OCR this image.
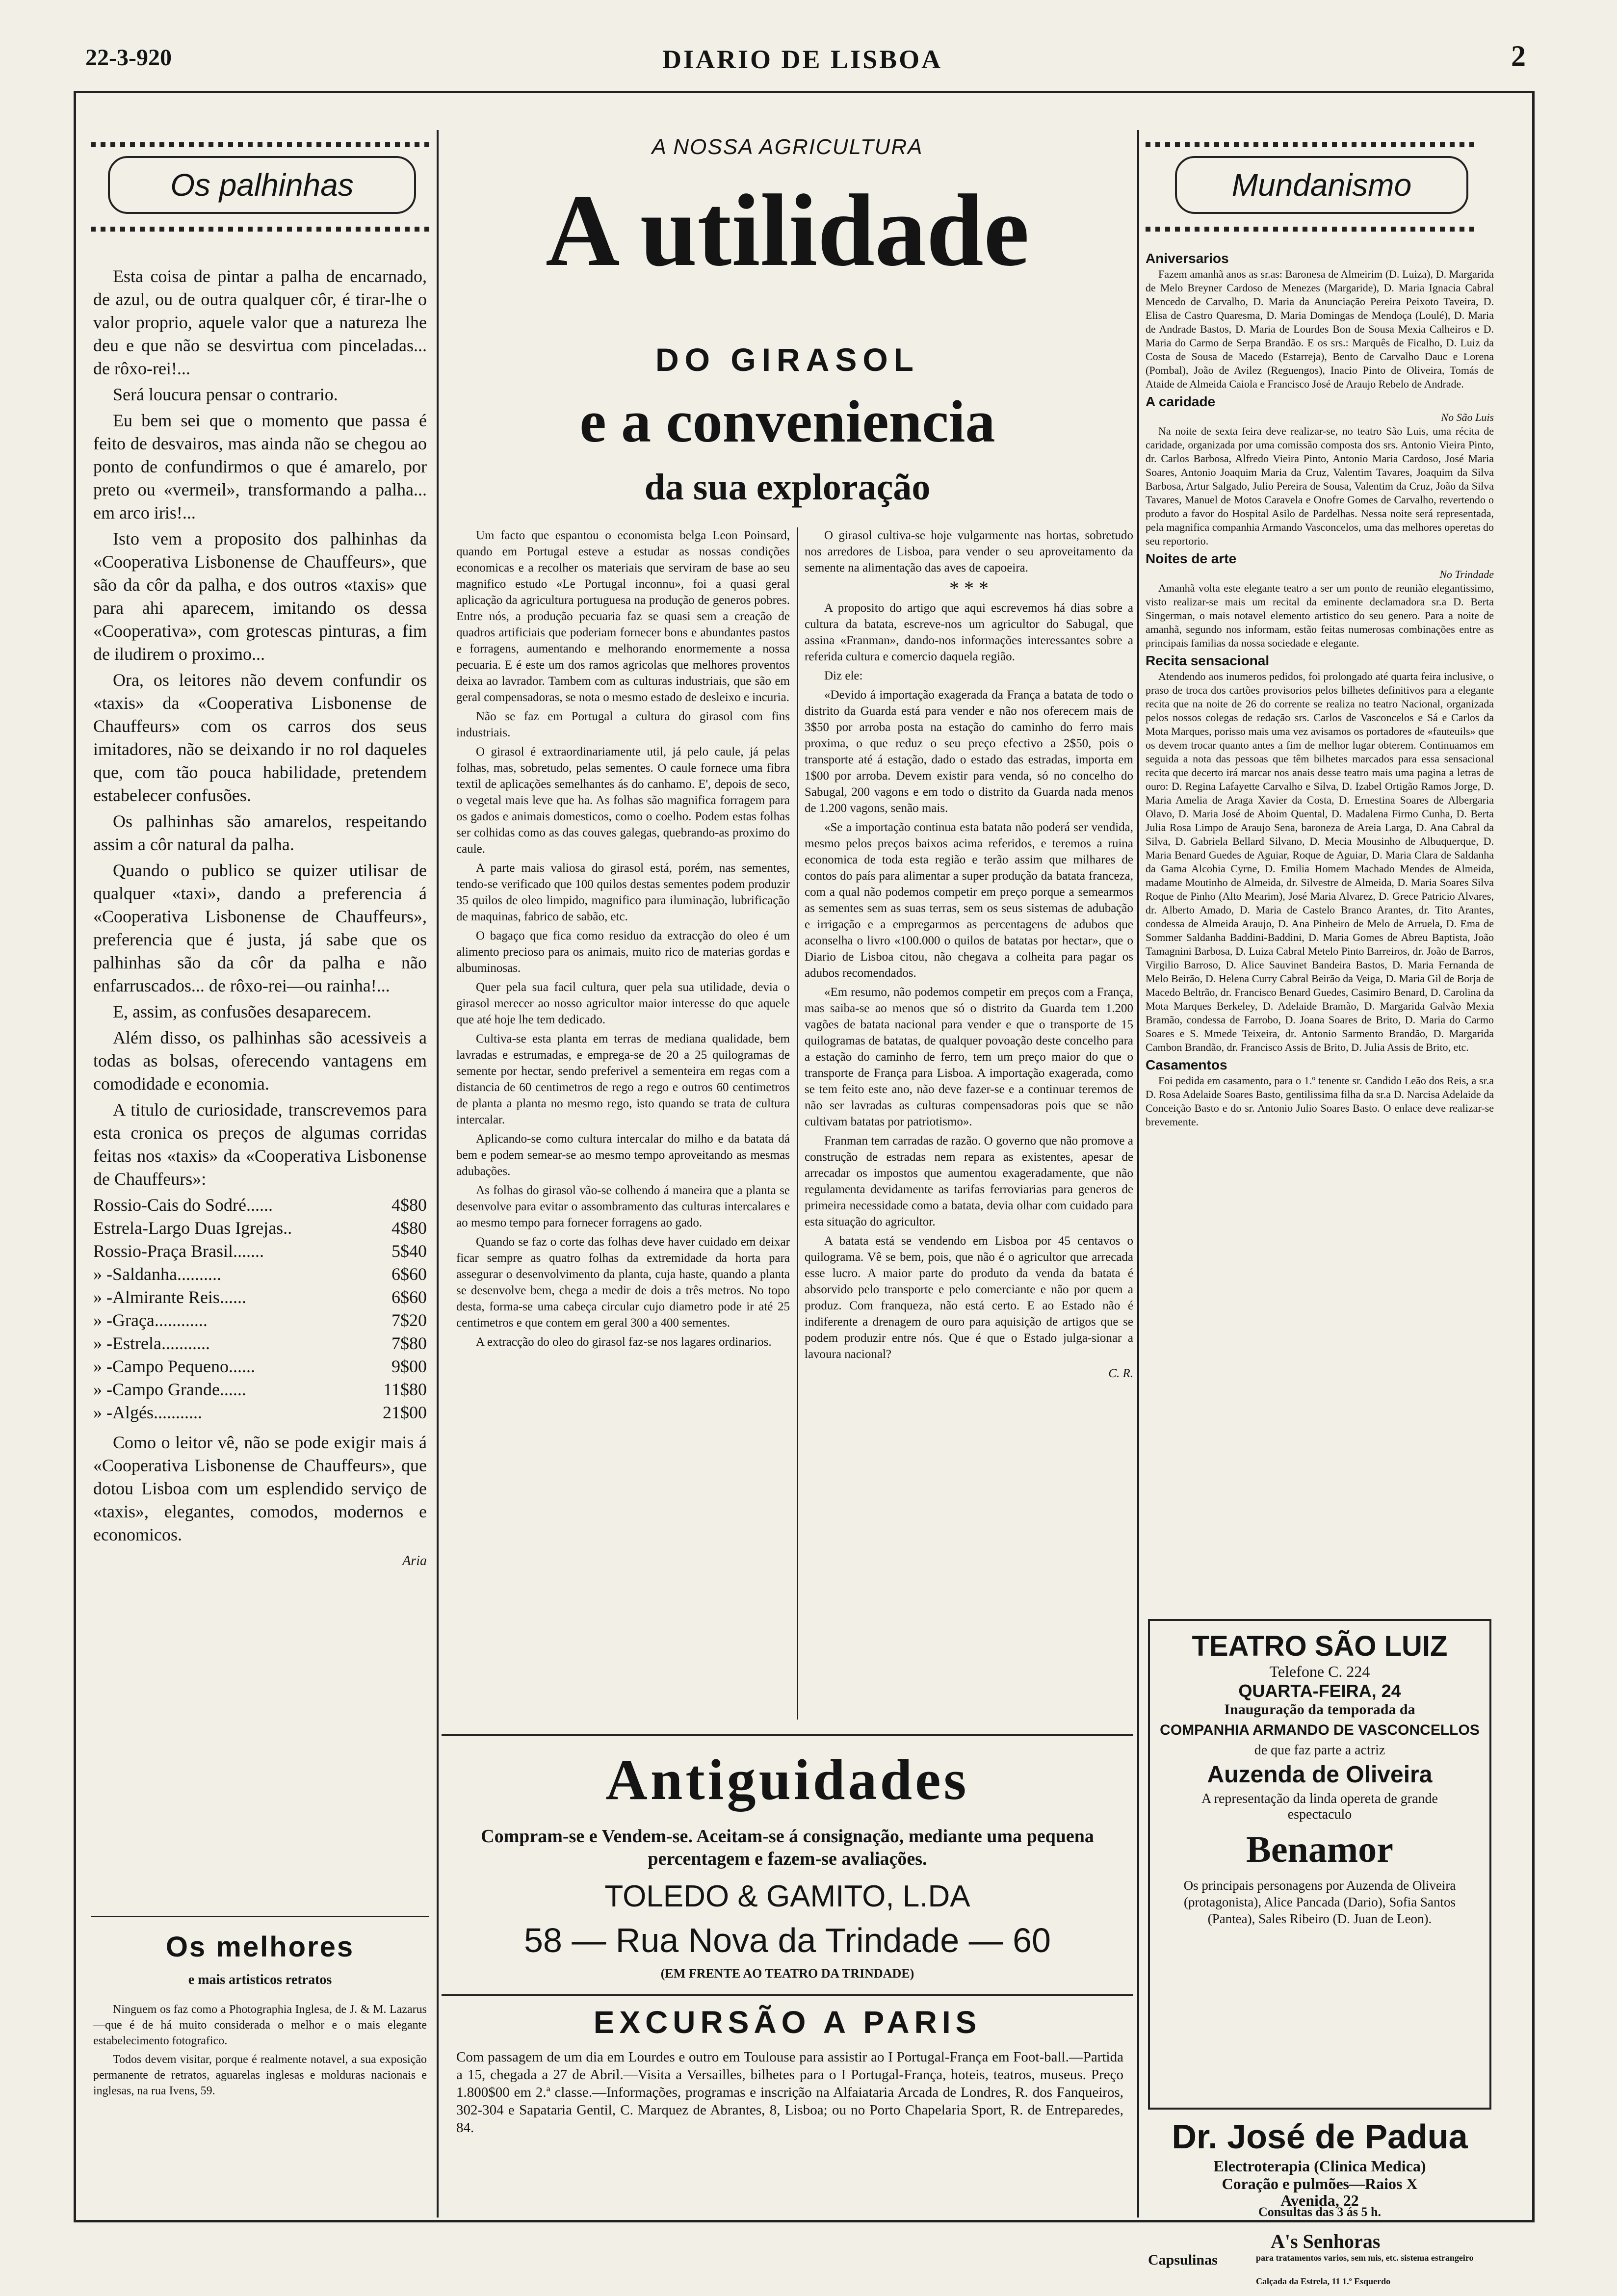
22-3-920	DIARIO DE LISBOA	2
Os palhinhas

Esta coisa de pintar a palha de encarnado, de azul, ou de outra qualquer côr, é tirar-lhe o valor proprio, aquele valor que a natureza lhe deu e que não se desvirtua com pinceladas... de rôxo-rei!...

Será loucura pensar o contrario.

Eu bem sei que o momento que passa é feito de desvairos, mas ainda não se chegou ao ponto de confundirmos o que é amarelo, por preto ou «vermeil», transformando a palha... em arco iris!...

Isto vem a proposito dos palhinhas da «Cooperativa Lisbonense de Chauffeurs», que são da côr da palha, e dos outros «taxis» que para ahi aparecem, imitando os dessa «Cooperativa», com grotescas pinturas, a fim de iludirem o proximo...

Ora, os leitores não devem confundir os «taxis» da «Cooperativa Lisbonense de Chauffeurs» com os carros dos seus imitadores, não se deixando ir no rol daqueles que, com tão pouca habilidade, pretendem estabelecer confusões.

Os palhinhas são amarelos, respeitando assim a côr natural da palha.

Quando o publico se quizer utilisar de qualquer «taxi», dando a preferencia á «Cooperativa Lisbonense de Chauffeurs», preferencia que é justa, já sabe que os palhinhas são da côr da palha e não enfarruscados... de rôxo-rei—ou rainha!...

E, assim, as confusões desaparecem.

Além disso, os palhinhas são acessiveis a todas as bolsas, oferecendo vantagens em comodidade e economia.

A titulo de curiosidade, transcrevemos para esta cronica os preços de algumas corridas feitas nos «taxis» da «Cooperativa Lisbonense de Chauffeurs»:

Rossio-Cais do Sodré......	4$80
Estrela-Largo Duas Igrejas..	4$80
Rossio-Praça Brasil.......	5$40
» -Saldanha..........	6$60
» -Almirante Reis......	6$60
» -Graça............	7$20
» -Estrela...........	7$80
» -Campo Pequeno......	9$00
» -Campo Grande......	11$80
» -Algés...........	21$00

Como o leitor vê, não se pode exigir mais á «Cooperativa Lisbonense de Chauffeurs», que dotou Lisboa com um esplendido serviço de «taxis», elegantes, comodos, modernos e economicos.

Aria
Os melhores
e mais artisticos retratos

Ninguem os faz como a Photographia Inglesa, de J. & M. Lazarus—que é de há muito considerada o melhor e o mais elegante estabelecimento fotografico.

Todos devem visitar, porque é realmente notavel, a sua exposição permanente de retratos, aguarelas inglesas e molduras nacionais e inglesas, na rua Ivens, 59.

A NOSSA AGRICULTURA
A utilidade
DO GIRASOL
e a conveniencia
da sua exploração

Um facto que espantou o economista belga Leon Poinsard, quando em Portugal esteve a estudar as nossas condições economicas e a recolher os materiais que serviram de base ao seu magnifico estudo «Le Portugal inconnu», foi a quasi geral aplicação da agricultura portuguesa na produção de generos pobres. Entre nós, a produção pecuaria faz se quasi sem a creação de quadros artificiais que poderiam fornecer bons e abundantes pastos e forragens, aumentando e melhorando enormemente a nossa pecuaria. E é este um dos ramos agricolas que melhores proventos deixa ao lavrador. Tambem com as culturas industriais, que são em geral compensadoras, se nota o mesmo estado de desleixo e incuria.

Não se faz em Portugal a cultura do girasol com fins industriais.

O girasol é extraordinariamente util, já pelo caule, já pelas folhas, mas, sobretudo, pelas sementes. O caule fornece uma fibra textil de aplicações semelhantes ás do canhamo. E', depois de seco, o vegetal mais leve que ha. As folhas são magnifica forragem para os gados e animais domesticos, como o coelho. Podem estas folhas ser colhidas como as das couves galegas, quebrando-as proximo do caule.

A parte mais valiosa do girasol está, porém, nas sementes, tendo-se verificado que 100 quilos destas sementes podem produzir 35 quilos de oleo limpido, magnifico para iluminação, lubrificação de maquinas, fabrico de sabão, etc.

O bagaço que fica como residuo da extracção do oleo é um alimento precioso para os animais, muito rico de materias gordas e albuminosas.

Quer pela sua facil cultura, quer pela sua utilidade, devia o girasol merecer ao nosso agricultor maior interesse do que aquele que até hoje lhe tem dedicado.

Cultiva-se esta planta em terras de mediana qualidade, bem lavradas e estrumadas, e emprega-se de 20 a 25 quilogramas de semente por hectar, sendo preferivel a sementeira em regas com a distancia de 60 centimetros de rego a rego e outros 60 centimetros de planta a planta no mesmo rego, isto quando se trata de cultura intercalar.

Aplicando-se como cultura intercalar do milho e da batata dá bem e podem semear-se ao mesmo tempo aproveitando as mesmas adubações.

As folhas do girasol vão-se colhendo á maneira que a planta se desenvolve para evitar o assombramento das culturas intercalares e ao mesmo tempo para fornecer forragens ao gado.

Quando se faz o corte das folhas deve haver cuidado em deixar ficar sempre as quatro folhas da extremidade da horta para assegurar o desenvolvimento da planta, cuja haste, quando a planta se desenvolve bem, chega a medir de dois a três metros. No topo desta, forma-se uma cabeça circular cujo diametro pode ir até 25 centimetros e que contem em geral 300 a 400 sementes.

A extracção do oleo do girasol faz-se nos lagares ordinarios.

O girasol cultiva-se hoje vulgarmente nas hortas, sobretudo nos arredores de Lisboa, para vender o seu aproveitamento da semente na alimentação das aves de capoeira.

* * *

A proposito do artigo que aqui escrevemos há dias sobre a cultura da batata, escreve-nos um agricultor do Sabugal, que assina «Franman», dando-nos informações interessantes sobre a referida cultura e comercio daquela região.

Diz ele:

«Devido á importação exagerada da França a batata de todo o distrito da Guarda está para vender e não nos oferecem mais de 3$50 por arroba posta na estação do caminho do ferro mais proxima, o que reduz o seu preço efectivo a 2$50, pois o transporte até á estação, dado o estado das estradas, importa em 1$00 por arroba. Devem existir para venda, só no concelho do Sabugal, 200 vagons e em todo o distrito da Guarda nada menos de 1.200 vagons, senão mais.

«Se a importação continua esta batata não poderá ser vendida, mesmo pelos preços baixos acima referidos, e teremos a ruina economica de toda esta região e terão assim que milhares de contos do país para alimentar a super produção da batata franceza, com a qual não podemos competir em preço porque a semearmos as sementes sem as suas terras, sem os seus sistemas de adubação e irrigação e a empregarmos as percentagens de adubos que aconselha o livro «100.000 o quilos de batatas por hectar», que o Diario de Lisboa citou, não chegava a colheita para pagar os adubos recomendados.

«Em resumo, não podemos competir em preços com a França, mas saiba-se ao menos que só o distrito da Guarda tem 1.200 vagões de batata nacional para vender e que o transporte de 15 quilogramas de batatas, de qualquer povoação deste concelho para a estação do caminho de ferro, tem um preço maior do que o transporte de França para Lisboa. A importação exagerada, como se tem feito este ano, não deve fazer-se e a continuar teremos de não ser lavradas as culturas compensadoras pois que se não cultivam batatas por patriotismo».

Franman tem carradas de razão. O governo que não promove a construção de estradas nem repara as existentes, apesar de arrecadar os impostos que aumentou exageradamente, que não regulamenta devidamente as tarifas ferroviarias para generos de primeira necessidade como a batata, devia olhar com cuidado para esta situação do agricultor.

A batata está se vendendo em Lisboa por 45 centavos o quilograma. Vê se bem, pois, que não é o agricultor que arrecada esse lucro. A maior parte do produto da venda da batata é absorvido pelo transporte e pelo comerciante e não por quem a produz. Com franqueza, não está certo. E ao Estado não é indiferente a drenagem de ouro para aquisição de artigos que se podem produzir entre nós. Que é que o Estado julga-sionar a lavoura nacional?

C. R.
Antiguidades
Compram-se e Vendem-se. Aceitam-se á consignação, mediante uma pequena percentagem e fazem-se avaliações.
TOLEDO & GAMITO, L.DA
58 — Rua Nova da Trindade — 60
(EM FRENTE AO TEATRO DA TRINDADE)
EXCURSÃO A PARIS
Com passagem de um dia em Lourdes e outro em Toulouse para assistir ao I Portugal-França em Foot-ball.—Partida a 15, chegada a 27 de Abril.—Visita a Versailles, bilhetes para o I Portugal-França, hoteis, teatros, museus. Preço 1.800$00 em 2.ª classe.—Informações, programas e inscrição na Alfaiataria Arcada de Londres, R. dos Fanqueiros, 302-304 e Sapataria Gentil, C. Marquez de Abrantes, 8, Lisboa; ou no Porto Chapelaria Sport, R. de Entreparedes, 84.
Mundanismo
Aniversarios

Fazem amanhã anos as sr.as: Baronesa de Almeirim (D. Luiza), D. Margarida de Melo Breyner Cardoso de Menezes (Margaride), D. Maria Ignacia Cabral Mencedo de Carvalho, D. Maria da Anunciação Pereira Peixoto Taveira, D. Elisa de Castro Quaresma, D. Maria Domingas de Mendoça (Loulé), D. Maria de Andrade Bastos, D. Maria de Lourdes Bon de Sousa Mexia Calheiros e D. Maria do Carmo de Serpa Brandão. E os srs.: Marquês de Ficalho, D. Luiz da Costa de Sousa de Macedo (Estarreja), Bento de Carvalho Dauc e Lorena (Pombal), João de Avilez (Reguengos), Inacio Pinto de Oliveira, Tomás de Ataide de Almeida Caiola e Francisco José de Araujo Rebelo de Andrade.

A caridade
No São Luis

Na noite de sexta feira deve realizar-se, no teatro São Luis, uma récita de caridade, organizada por uma comissão composta dos srs. Antonio Vieira Pinto, dr. Carlos Barbosa, Alfredo Vieira Pinto, Antonio Maria Cardoso, José Maria Soares, Antonio Joaquim Maria da Cruz, Valentim Tavares, Joaquim da Silva Barbosa, Artur Salgado, Julio Pereira de Sousa, Valentim da Cruz, João da Silva Tavares, Manuel de Motos Caravela e Onofre Gomes de Carvalho, revertendo o produto a favor do Hospital Asilo de Pardelhas. Nessa noite será representada, pela magnifica companhia Armando Vasconcelos, uma das melhores operetas do seu reportorio.

Noites de arte
No Trindade

Amanhã volta este elegante teatro a ser um ponto de reunião elegantissimo, visto realizar-se mais um recital da eminente declamadora sr.a D. Berta Singerman, o mais notavel elemento artistico do seu genero. Para a noite de amanhã, segundo nos informam, estão feitas numerosas combinações entre as principais familias da nossa sociedade e elegante.

Recita sensacional

Atendendo aos inumeros pedidos, foi prolongado até quarta feira inclusive, o praso de troca dos cartões provisorios pelos bilhetes definitivos para a elegante recita que na noite de 26 do corrente se realiza no teatro Nacional, organizada pelos nossos colegas de redação srs. Carlos de Vasconcelos e Sá e Carlos da Mota Marques, porisso mais uma vez avisamos os portadores de «fauteuils» que os devem trocar quanto antes a fim de melhor lugar obterem. Continuamos em seguida a nota das pessoas que têm bilhetes marcados para essa sensacional recita que decerto irá marcar nos anais desse teatro mais uma pagina a letras de ouro: D. Regina Lafayette Carvalho e Silva, D. Izabel Ortigão Ramos Jorge, D. Maria Amelia de Araga Xavier da Costa, D. Ernestina Soares de Albergaria Olavo, D. Maria José de Aboim Quental, D. Madalena Firmo Cunha, D. Berta Julia Rosa Limpo de Araujo Sena, baroneza de Areia Larga, D. Ana Cabral da Silva, D. Gabriela Bellard Silvano, D. Mecia Mousinho de Albuquerque, D. Maria Benard Guedes de Aguiar, Roque de Aguiar, D. Maria Clara de Saldanha da Gama Alcobia Cyrne, D. Emilia Homem Machado Mendes de Almeida, madame Moutinho de Almeida, dr. Silvestre de Almeida, D. Maria Soares Silva Roque de Pinho (Alto Mearim), José Maria Alvarez, D. Grece Patricio Alvares, dr. Alberto Amado, D. Maria de Castelo Branco Arantes, dr. Tito Arantes, condessa de Almeida Araujo, D. Ana Pinheiro de Melo de Arruela, D. Ema de Sommer Saldanha Baddini-Baddini, D. Maria Gomes de Abreu Baptista, João Tamagnini Barbosa, D. Luiza Cabral Metelo Pinto Barreiros, dr. João de Barros, Virgilio Barroso, D. Alice Sauvinet Bandeira Bastos, D. Maria Fernanda de Melo Beirão, D. Helena Curry Cabral Beirão da Veiga, D. Maria Gil de Borja de Macedo Beltrão, dr. Francisco Benard Guedes, Casimiro Benard, D. Carolina da Mota Marques Berkeley, D. Adelaide Bramão, D. Margarida Galvão Mexia Bramão, condessa de Farrobo, D. Joana Soares de Brito, D. Maria do Carmo Soares e S. Mmede Teixeira, dr. Antonio Sarmento Brandão, D. Margarida Cambon Brandão, dr. Francisco Assis de Brito, D. Julia Assis de Brito, etc.

Casamentos

Foi pedida em casamento, para o 1.º tenente sr. Candido Leão dos Reis, a sr.a D. Rosa Adelaide Soares Basto, gentilissima filha da sr.a D. Narcisa Adelaide da Conceição Basto e do sr. Antonio Julio Soares Basto. O enlace deve realizar-se brevemente.

TEATRO SÃO LUIZ
Telefone C. 224
QUARTA-FEIRA, 24
Inauguração da temporada da
COMPANHIA ARMANDO DE VASCONCELLOS
de que faz parte a actriz
Auzenda de Oliveira
A representação da linda opereta de grande espectaculo
Benamor
Os principais personagens por Auzenda de Oliveira (protagonista), Alice Pancada (Dario), Sofia Santos (Pantea), Sales Ribeiro (D. Juan de Leon).
Dr. José de Padua
Electroterapia (Clinica Medica)
Coração e pulmões—Raios X
Avenida, 22
Consultas das 3 ás 5 h.
A's Senhoras
Capsulinas	para tratamentos varios, sem mis, etc. sistema estrangeiro
Calçada da Estrela, 11 1.º Esquerdo
